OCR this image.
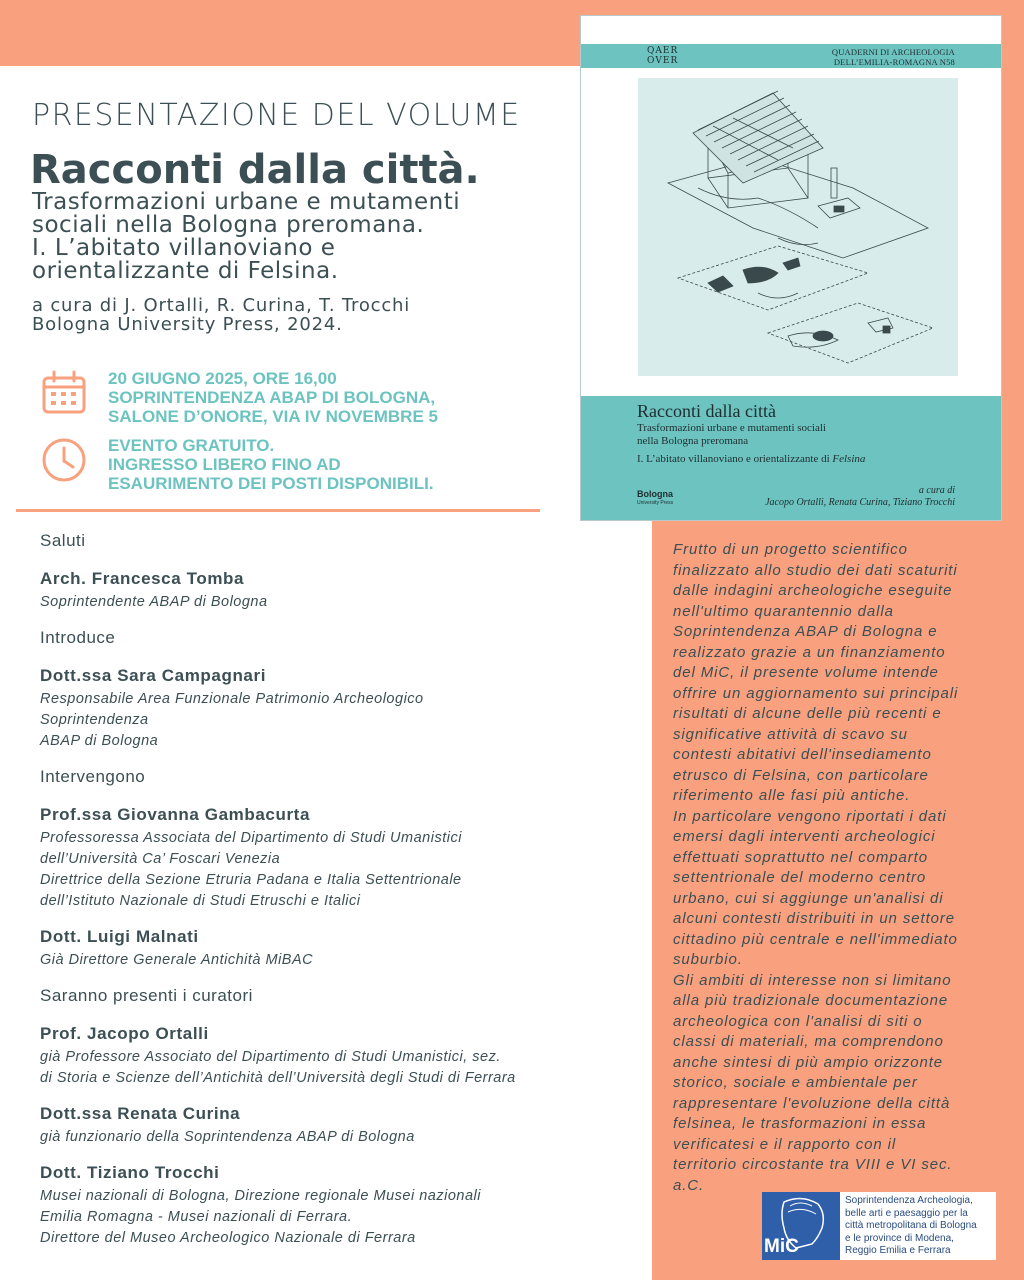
PRESENTAZIONE DEL VOLUME
Racconti dalla città.
Trasformazioni urbane e mutamenti
sociali nella Bologna preromana.
I. L’abitato villanoviano e
orientalizzante di Felsina.
a cura di J. Ortalli, R. Curina, T. Trocchi
Bologna University Press, 2024.
20 GIUGNO 2025, ORE 16,00
SOPRINTENDENZA ABAP DI BOLOGNA,
SALONE D’ONORE, VIA IV NOVEMBRE 5
EVENTO GRATUITO.
INGRESSO LIBERO FINO AD
ESAURIMENTO DEI POSTI DISPONIBILI.
Saluti
Arch. Francesca Tomba
Soprintendente ABAP di Bologna
Introduce
Dott.ssa Sara Campagnari
Responsabile Area Funzionale Patrimonio Archeologico
Soprintendenza
ABAP di Bologna
Intervengono
Prof.ssa Giovanna Gambacurta
Professoressa Associata del Dipartimento di Studi Umanistici
dell’Università Ca’ Foscari Venezia
Direttrice della Sezione Etruria Padana e Italia Settentrionale
dell’Istituto Nazionale di Studi Etruschi e Italici
Dott. Luigi Malnati
Già Direttore Generale Antichità MiBAC
Saranno presenti i curatori
Prof. Jacopo Ortalli
già Professore Associato del Dipartimento di Studi Umanistici, sez.
di Storia e Scienze dell’Antichità dell’Università degli Studi di Ferrara
Dott.ssa Renata Curina
già funzionario della Soprintendenza ABAP di Bologna
Dott. Tiziano Trocchi
Musei nazionali di Bologna, Direzione regionale Musei nazionali
Emilia Romagna - Musei nazionali di Ferrara.
Direttore del Museo Archeologico Nazionale di Ferrara
QAER
ΟVΕR
QUADERNI DI ARCHEOLOGIA
DELL’EMILIA-ROMAGNA N58
Racconti dalla città
Trasformazioni urbane e mutamenti sociali
nella Bologna preromana
I. L’abitato villanoviano e orientalizzante di Felsina
Bologna
University Press
a cura di
Jacopo Ortalli, Renata Curina, Tiziano Trocchi
Frutto di un progetto scientifico
finalizzato allo studio dei dati scaturiti
dalle indagini archeologiche eseguite
nell'ultimo quarantennio dalla
Soprintendenza ABAP di Bologna e
realizzato grazie a un finanziamento
del MiC, il presente volume intende
offrire un aggiornamento sui principali
risultati di alcune delle più recenti e
significative attività di scavo su
contesti abitativi dell'insediamento
etrusco di Felsina, con particolare
riferimento alle fasi più antiche.
In particolare vengono riportati i dati
emersi dagli interventi archeologici
effettuati soprattutto nel comparto
settentrionale del moderno centro
urbano, cui si aggiunge un'analisi di
alcuni contesti distribuiti in un settore
cittadino più centrale e nell'immediato
suburbio.
Gli ambiti di interesse non si limitano
alla più tradizionale documentazione
archeologica con l'analisi di siti o
classi di materiali, ma comprendono
anche sintesi di più ampio orizzonte
storico, sociale e ambientale per
rappresentare l'evoluzione della città
felsinea, le trasformazioni in essa
verificatesi e il rapporto con il
territorio circostante tra VIII e VI sec.
a.C.
MiC
Soprintendenza Archeologia,
belle arti e paesaggio per la
città metropolitana di Bologna
e le province di Modena,
Reggio Emilia e Ferrara
